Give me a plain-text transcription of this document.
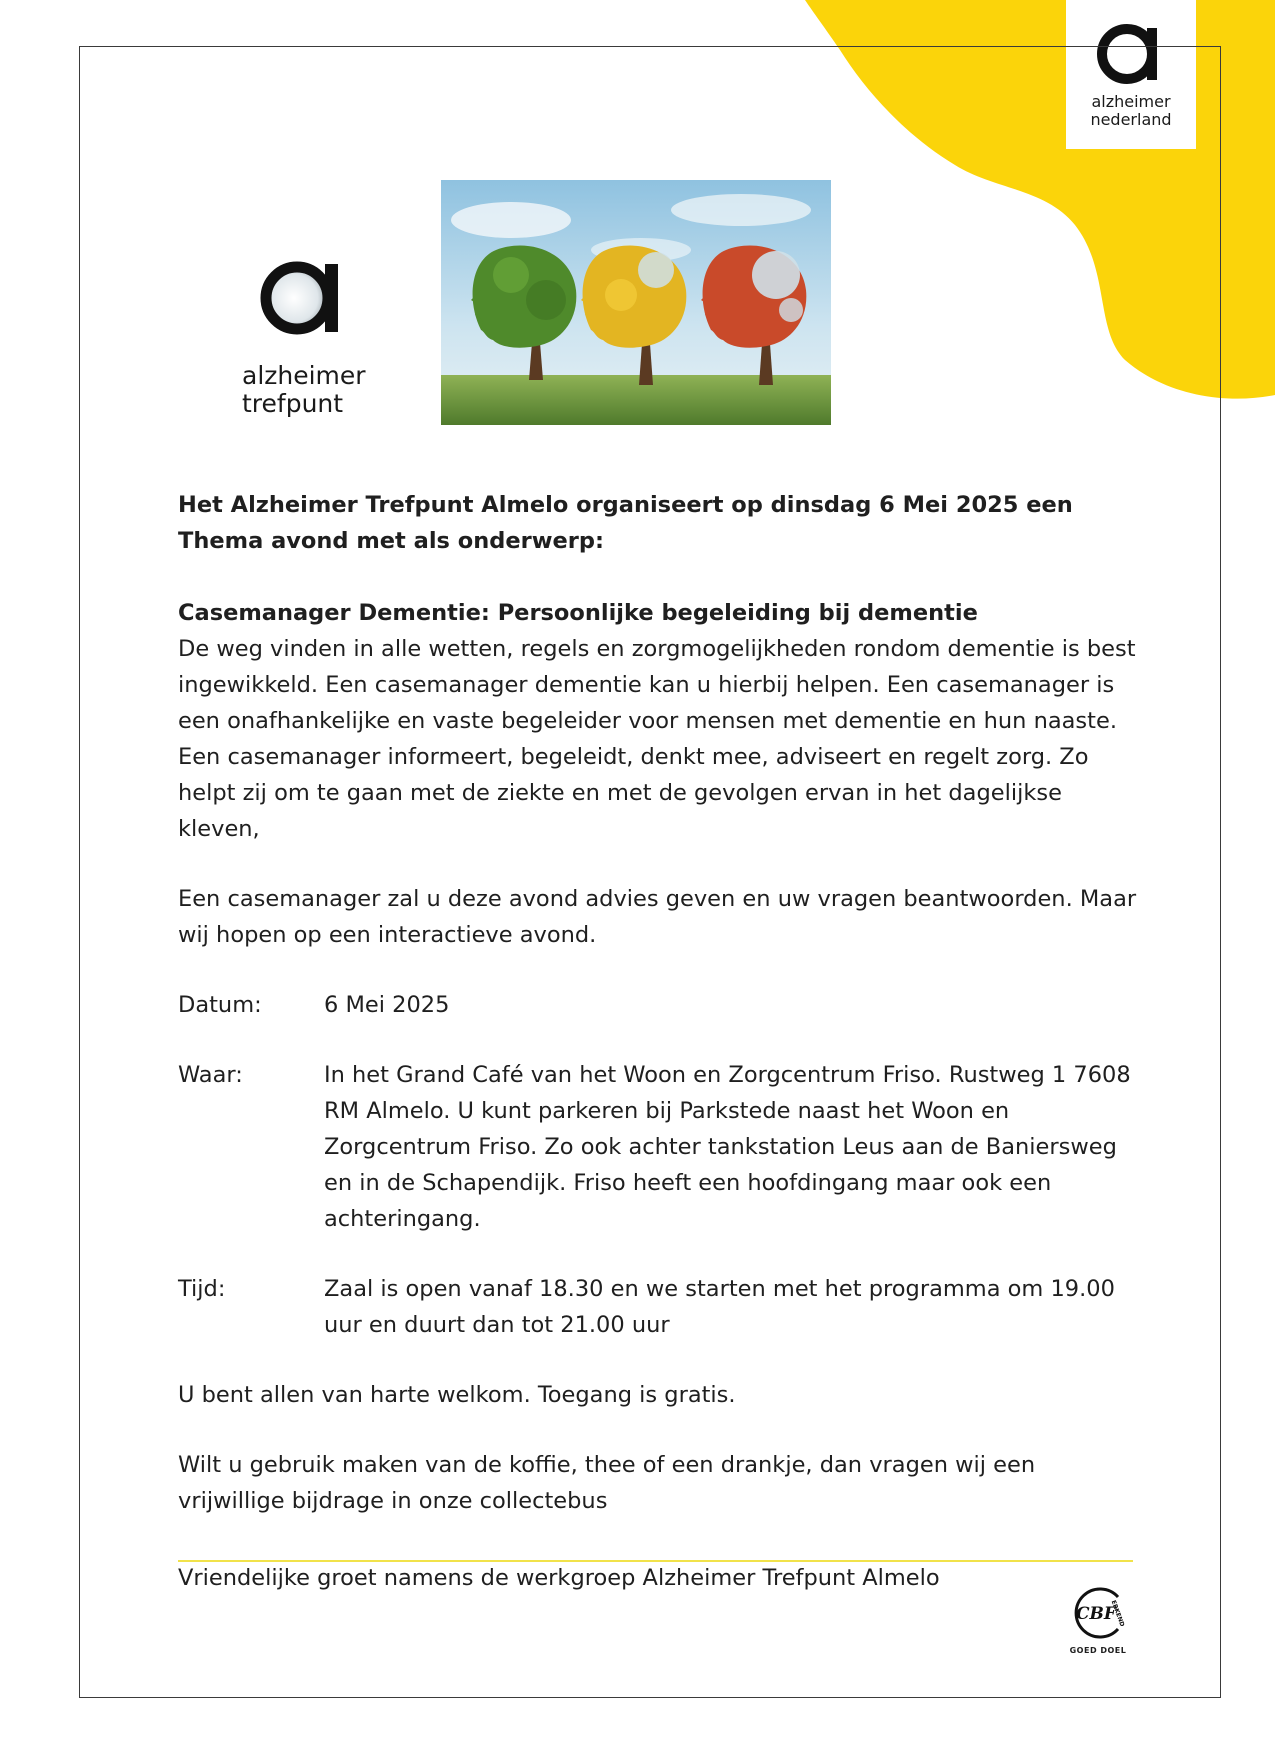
alzheimer
nederland
alzheimer
trefpunt

Het Alzheimer Trefpunt Almelo organiseert op dinsdag 6 Mei 2025 een Thema avond met als onderwerp:

Casemanager Dementie: Persoonlijke begeleiding bij dementie

De weg vinden in alle wetten, regels en zorgmogelijkheden rondom dementie is best ingewikkeld. Een casemanager dementie kan u hierbij helpen. Een casemanager is een onafhankelijke en vaste begeleider voor mensen met dementie en hun naaste. Een casemanager informeert, begeleidt, denkt mee, adviseert en regelt zorg. Zo helpt zij om te gaan met de ziekte en met de gevolgen ervan in het dagelijkse kleven,

Een casemanager zal u deze avond advies geven en uw vragen beantwoorden. Maar wij hopen op een interactieve avond.

Datum:	6 Mei 2025
Waar:	In het Grand Café van het Woon en Zorgcentrum Friso. Rustweg 1 7608 RM Almelo. U kunt parkeren bij Parkstede naast het Woon en Zorgcentrum Friso. Zo ook achter tankstation Leus aan de Baniersweg en in de Schapendijk. Friso heeft een hoofdingang maar ook een achteringang.
Tijd:	Zaal is open vanaf 18.30 en we starten met het programma om 19.00 uur en duurt dan tot 21.00 uur

U bent allen van harte welkom. Toegang is gratis.

Wilt u gebruik maken van de koffie, thee of een drankje, dan vragen wij een vrijwillige bijdrage in onze collectebus

Vriendelijke groet namens de werkgroep Alzheimer Trefpunt Almelo
CBF
ERKEND
GOED DOEL
